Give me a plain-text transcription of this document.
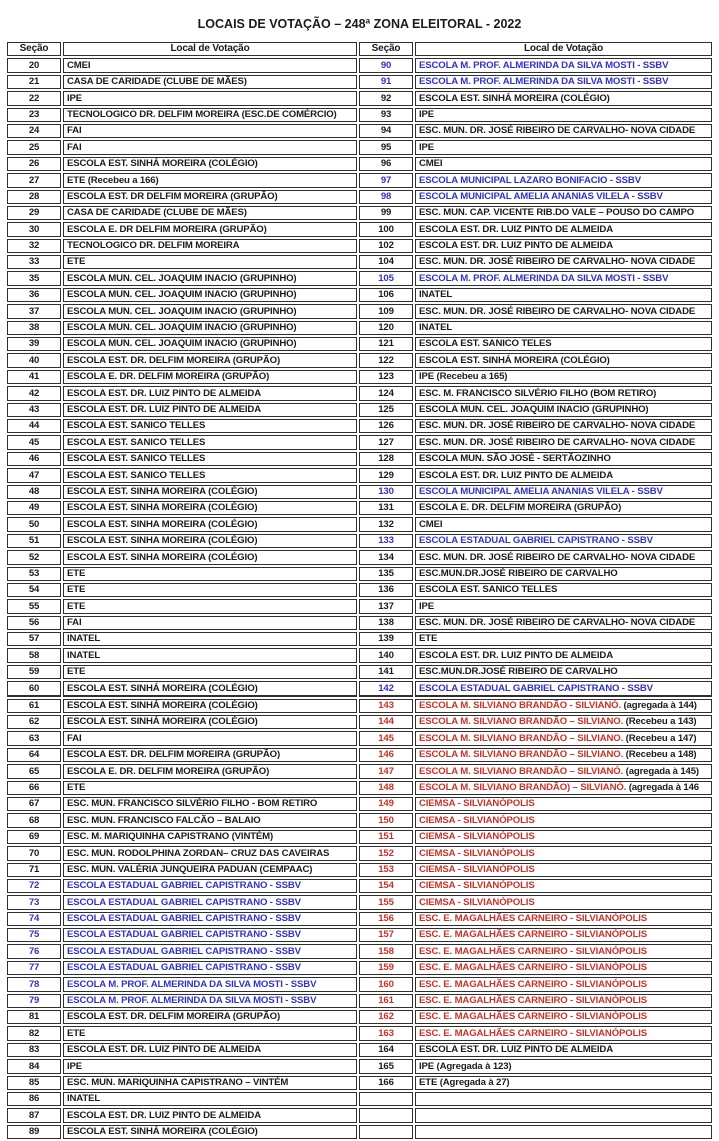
LOCAIS DE VOTAÇÃO – 248ª ZONA ELEITORAL - 2022
Seção	Local de Votação	Seção	Local de Votação
20	CMEI	90	ESCOLA M. PROF. ALMERINDA DA SILVA MOSTI - SSBV
21	CASA DE CARIDADE (CLUBE DE MÃES)	91	ESCOLA M. PROF. ALMERINDA DA SILVA MOSTI - SSBV
22	IPE	92	ESCOLA EST. SINHÁ MOREIRA (COLÉGIO)
23	TECNOLOGICO DR. DELFIM MOREIRA (ESC.DE COMÉRCIO)	93	IPE
24	FAI	94	ESC. MUN. DR. JOSÉ RIBEIRO DE CARVALHO- NOVA CIDADE
25	FAI	95	IPE
26	ESCOLA EST. SINHÁ MOREIRA (COLÉGIO)	96	CMEI
27	ETE (Recebeu a 166)	97	ESCOLA MUNICIPAL LAZARO BONIFACIO - SSBV
28	ESCOLA EST. DR DELFIM MOREIRA (GRUPÃO)	98	ESCOLA MUNICIPAL AMELIA ANANIAS VILELA - SSBV
29	CASA DE CARIDADE (CLUBE DE MÃES)	99	ESC. MUN. CAP. VICENTE RIB.DO VALE – POUSO DO CAMPO
30	ESCOLA E. DR DELFIM MOREIRA (GRUPÃO)	100	ESCOLA EST. DR. LUIZ PINTO DE ALMEIDA
32	TECNOLOGICO DR. DELFIM MOREIRA	102	ESCOLA EST. DR. LUIZ PINTO DE ALMEIDA
33	ETE	104	ESC. MUN. DR. JOSÉ RIBEIRO DE CARVALHO- NOVA CIDADE
35	ESCOLA MUN. CEL. JOAQUIM INACIO (GRUPINHO)	105	ESCOLA M. PROF. ALMERINDA DA SILVA MOSTI - SSBV
36	ESCOLA MUN. CEL. JOAQUIM INACIO (GRUPINHO)	106	INATEL
37	ESCOLA MUN. CEL. JOAQUIM INACIO (GRUPINHO)	109	ESC. MUN. DR. JOSÉ RIBEIRO DE CARVALHO- NOVA CIDADE
38	ESCOLA MUN. CEL. JOAQUIM INACIO (GRUPINHO)	120	INATEL
39	ESCOLA MUN. CEL. JOAQUIM INACIO (GRUPINHO)	121	ESCOLA EST. SANICO TELES
40	ESCOLA EST. DR. DELFIM MOREIRA (GRUPÃO)	122	ESCOLA EST. SINHÁ MOREIRA (COLÉGIO)
41	ESCOLA E. DR. DELFIM MOREIRA (GRUPÃO)	123	IPE (Recebeu a 165)
42	ESCOLA EST. DR. LUIZ PINTO DE ALMEIDA	124	ESC. M. FRANCISCO SILVÉRIO FILHO (BOM RETIRO)
43	ESCOLA EST. DR. LUIZ PINTO DE ALMEIDA	125	ESCOLA MUN. CEL. JOAQUIM INACIO (GRUPINHO)
44	ESCOLA EST. SANICO TELLES	126	ESC. MUN. DR. JOSÉ RIBEIRO DE CARVALHO- NOVA CIDADE
45	ESCOLA EST. SANICO TELLES	127	ESC. MUN. DR. JOSÉ RIBEIRO DE CARVALHO- NOVA CIDADE
46	ESCOLA EST. SANICO TELLES	128	ESCOLA MUN. SÃO JOSÉ - SERTÃOZINHO
47	ESCOLA EST. SANICO TELLES	129	ESCOLA EST. DR. LUIZ PINTO DE ALMEIDA
48	ESCOLA EST. SINHA MOREIRA (COLÉGIO)	130	ESCOLA MUNICIPAL AMELIA ANANIAS VILELA - SSBV
49	ESCOLA EST. SINHA MOREIRA (COLÉGIO)	131	ESCOLA E. DR. DELFIM MOREIRA (GRUPÃO)
50	ESCOLA EST. SINHA MOREIRA (COLÉGIO)	132	CMEI
51	ESCOLA EST. SINHA MOREIRA (COLÉGIO)	133	ESCOLA ESTADUAL GABRIEL CAPISTRANO - SSBV
52	ESCOLA EST. SINHA MOREIRA (COLÉGIO)	134	ESC. MUN. DR. JOSÉ RIBEIRO DE CARVALHO- NOVA CIDADE
53	ETE	135	ESC.MUN.DR.JOSÉ RIBEIRO DE CARVALHO
54	ETE	136	ESCOLA EST. SANICO TELLES
55	ETE	137	IPE
56	FAI	138	ESC. MUN. DR. JOSÉ RIBEIRO DE CARVALHO- NOVA CIDADE
57	INATEL	139	ETE
58	INATEL	140	ESCOLA EST. DR. LUIZ PINTO DE ALMEIDA
59	ETE	141	ESC.MUN.DR.JOSÉ RIBEIRO DE CARVALHO
60	ESCOLA EST. SINHÁ MOREIRA (COLÉGIO)	142	ESCOLA ESTADUAL GABRIEL CAPISTRANO - SSBV
61	ESCOLA EST. SINHÁ MOREIRA (COLÉGIO)	143	ESCOLA M. SILVIANO BRANDÃO - SILVIANÓ. (agregada à 144)
62	ESCOLA EST. SINHÁ MOREIRA (COLÉGIO)	144	ESCOLA M. SILVIANO BRANDÃO – SILVIANO. (Recebeu a 143)
63	FAI	145	ESCOLA M. SILVIANO BRANDÃO – SILVIANO. (Recebeu a 147)
64	ESCOLA EST. DR. DELFIM MOREIRA (GRUPÃO)	146	ESCOLA M. SILVIANO BRANDÃO – SILVIANO. (Recebeu a 148)
65	ESCOLA E. DR. DELFIM MOREIRA (GRUPÃO)	147	ESCOLA M. SILVIANO BRANDÃO – SILVIANÓ. (agregada à 145)
66	ETE	148	ESCOLA M. SILVIANO BRANDÃO) – SILVIANÓ. (agregada à 146
67	ESC. MUN. FRANCISCO SILVÉRIO FILHO - BOM RETIRO	149	CIEMSA - SILVIANÓPOLIS
68	ESC. MUN. FRANCISCO FALCÃO – BALAIO	150	CIEMSA - SILVIANÓPOLIS
69	ESC. M. MARIQUINHA CAPISTRANO (VINTÉM)	151	CIEMSA - SILVIANÓPOLIS
70	ESC. MUN. RODOLPHINA ZORDAN– CRUZ DAS CAVEIRAS	152	CIEMSA - SILVIANÓPOLIS
71	ESC. MUN. VALÉRIA JUNQUEIRA PADUAN (CEMPAAC)	153	CIEMSA - SILVIANÓPOLIS
72	ESCOLA ESTADUAL GABRIEL CAPISTRANO - SSBV	154	CIEMSA - SILVIANÓPOLIS
73	ESCOLA ESTADUAL GABRIEL CAPISTRANO - SSBV	155	CIEMSA - SILVIANÓPOLIS
74	ESCOLA ESTADUAL GABRIEL CAPISTRANO - SSBV	156	ESC. E. MAGALHÃES CARNEIRO - SILVIANÓPOLIS
75	ESCOLA ESTADUAL GABRIEL CAPISTRANO - SSBV	157	ESC. E. MAGALHÃES CARNEIRO - SILVIANÓPOLIS
76	ESCOLA ESTADUAL GABRIEL CAPISTRANO - SSBV	158	ESC. E. MAGALHÃES CARNEIRO - SILVIANÓPOLIS
77	ESCOLA ESTADUAL GABRIEL CAPISTRANO - SSBV	159	ESC. E. MAGALHÃES CARNEIRO - SILVIANÓPOLIS
78	ESCOLA M. PROF. ALMERINDA DA SILVA MOSTI - SSBV	160	ESC. E. MAGALHÃES CARNEIRO - SILVIANÓPOLIS
79	ESCOLA M. PROF. ALMERINDA DA SILVA MOSTI - SSBV	161	ESC. E. MAGALHÃES CARNEIRO - SILVIANÓPOLIS
81	ESCOLA EST. DR. DELFIM MOREIRA (GRUPÃO)	162	ESC. E. MAGALHÃES CARNEIRO - SILVIANÓPOLIS
82	ETE	163	ESC. E. MAGALHÃES CARNEIRO - SILVIANÓPOLIS
83	ESCOLA EST. DR. LUIZ PINTO DE ALMEIDA	164	ESCOLA EST. DR. LUIZ PINTO DE ALMEIDA
84	IPE	165	IPE (Agregada à 123)
85	ESC. MUN. MARIQUINHA CAPISTRANO – VINTÉM	166	ETE (Agregada à 27)
86	INATEL		
87	ESCOLA EST. DR. LUIZ PINTO DE ALMEIDA		
89	ESCOLA EST. SINHÁ MOREIRA (COLÉGIO)		
